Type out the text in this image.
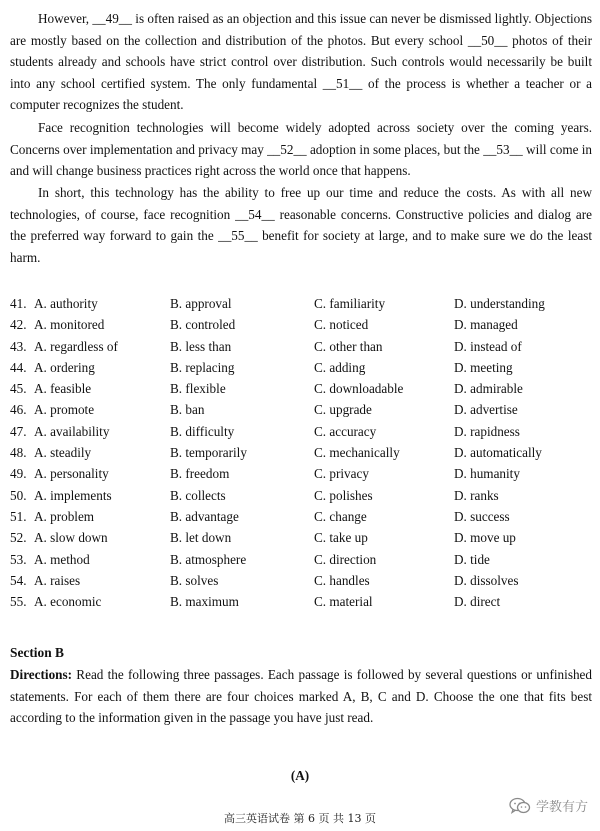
However, __49__ is often raised as an objection and this issue can never be dismissed lightly. Objections are mostly based on the collection and distribution of the photos. But every school __50__ photos of their students already and schools have strict control over distribution. Such controls would necessarily be built into any school certified system. The only fundamental __51__ of the process is whether a teacher or a computer recognizes the student.

Face recognition technologies will become widely adopted across society over the coming years. Concerns over implementation and privacy may __52__ adoption in some places, but the __53__ will come in and will change business practices right across the world once that happens.

In short, this technology has the ability to free up our time and reduce the costs. As with all new technologies, of course, face recognition __54__ reasonable concerns. Constructive policies and dialog are the preferred way forward to gain the __55__ benefit for society at large, and to make sure we do the least harm.

41. A. authority	B. approval	C. familiarity	D. understanding
42. A. monitored	B. controled	C. noticed	D. managed
43. A. regardless of	B. less than	C. other than	D. instead of
44. A. ordering	B. replacing	C. adding	D. meeting
45. A. feasible	B. flexible	C. downloadable	D. admirable
46. A. promote	B. ban	C. upgrade	D. advertise
47. A. availability	B. difficulty	C. accuracy	D. rapidness
48. A. steadily	B. temporarily	C. mechanically	D. automatically
49. A. personality	B. freedom	C. privacy	D. humanity
50. A. implements	B. collects	C. polishes	D. ranks
51. A. problem	B. advantage	C. change	D. success
52. A. slow down	B. let down	C. take up	D. move up
53. A. method	B. atmosphere	C. direction	D. tide
54. A. raises	B. solves	C. handles	D. dissolves
55. A. economic	B. maximum	C. material	D. direct
Section B

Directions: Read the following three passages. Each passage is followed by several questions or unfinished statements. For each of them there are four choices marked A, B, C and D. Choose the one that fits best according to the information given in the passage you have just read.

(A)
学教有方
高三英语试卷 第 6 页 共 13 页
